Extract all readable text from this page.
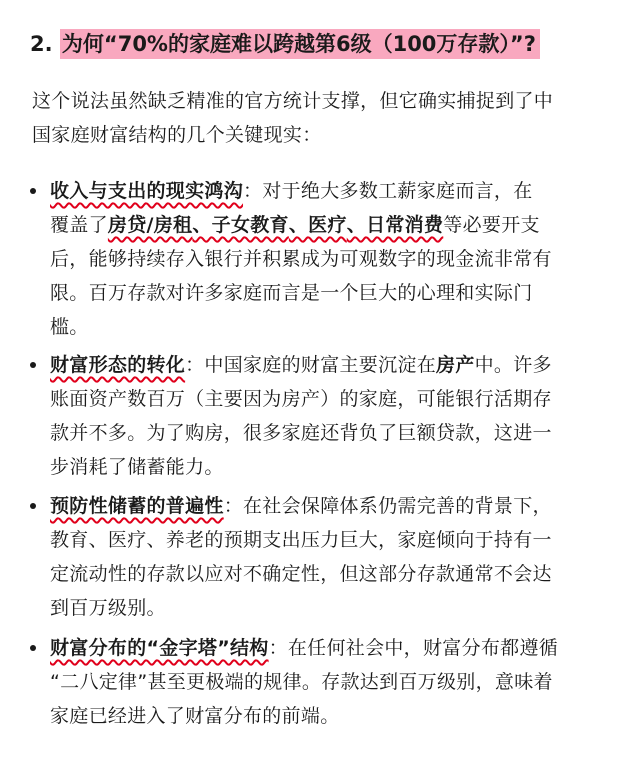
2. 为何“70%的家庭难以跨越第6级（100万存款）”?
这个说法虽然缺乏精准的官方统计支撑，但它确实捕捉到了中
国家庭财富结构的几个关键现实：
收入与支出的现实鸿沟：对于绝大多数工薪家庭而言，在
覆盖了房贷/房租、子女教育、医疗、日常消费等必要开支
后，能够持续存入银行并积累成为可观数字的现金流非常有
限。百万存款对许多家庭而言是一个巨大的心理和实际门
槛。
财富形态的转化：中国家庭的财富主要沉淀在房产中。许多
账面资产数百万（主要因为房产）的家庭，可能银行活期存
款并不多。为了购房，很多家庭还背负了巨额贷款，这进一
步消耗了储蓄能力。
预防性储蓄的普遍性：在社会保障体系仍需完善的背景下，
教育、医疗、养老的预期支出压力巨大，家庭倾向于持有一
定流动性的存款以应对不确定性，但这部分存款通常不会达
到百万级别。
财富分布的“金字塔”结构：在任何社会中，财富分布都遵循
“二八定律”甚至更极端的规律。存款达到百万级别，意味着
家庭已经进入了财富分布的前端。
